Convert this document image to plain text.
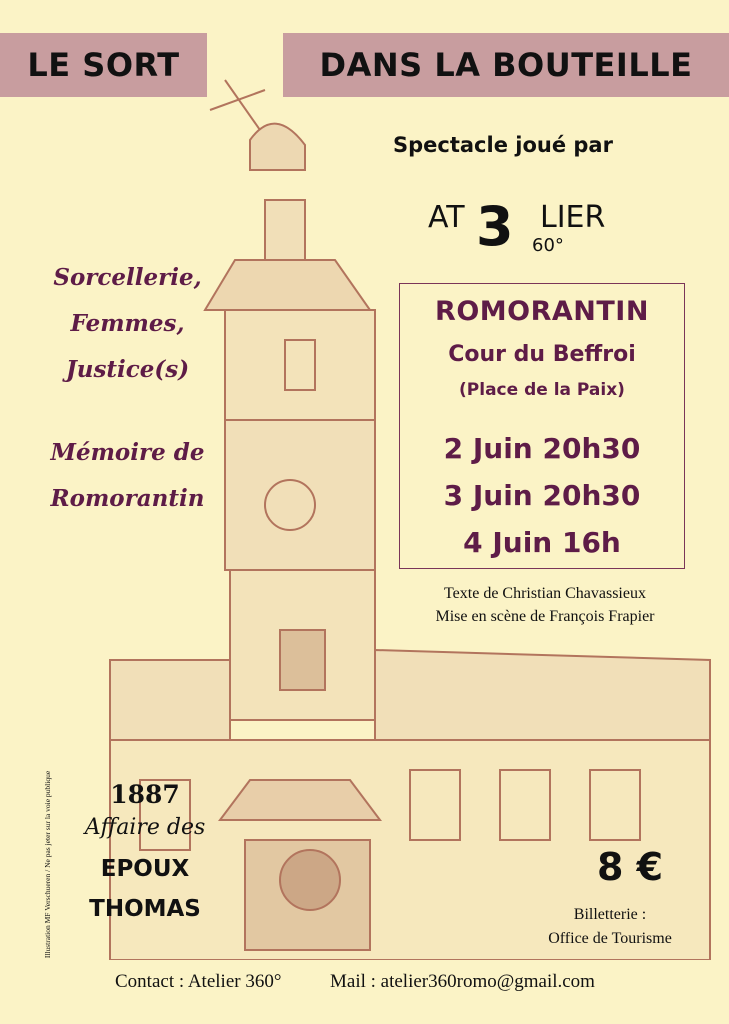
LE SORT	DANS LA BOUTEILLE
Spectacle joué par
AT 3 LIER
60°
Sorcellerie,
Femmes,
Justice(s)
Mémoire de
Romorantin
ROMORANTIN
Cour du Beffroi
(Place de la Paix)
2 Juin 20h30
3 Juin 20h30
4 Juin 16h
Texte de Christian Chavassieux
Mise en scène de François Frapier
Illustration MF Verschueren / Ne pas jeter sur la voie publique	1887
Affaire des
EPOUX
THOMAS
8 €
Billetterie :
Office de Tourisme
Contact : Atelier 360°	Mail : atelier360romo@gmail.com
